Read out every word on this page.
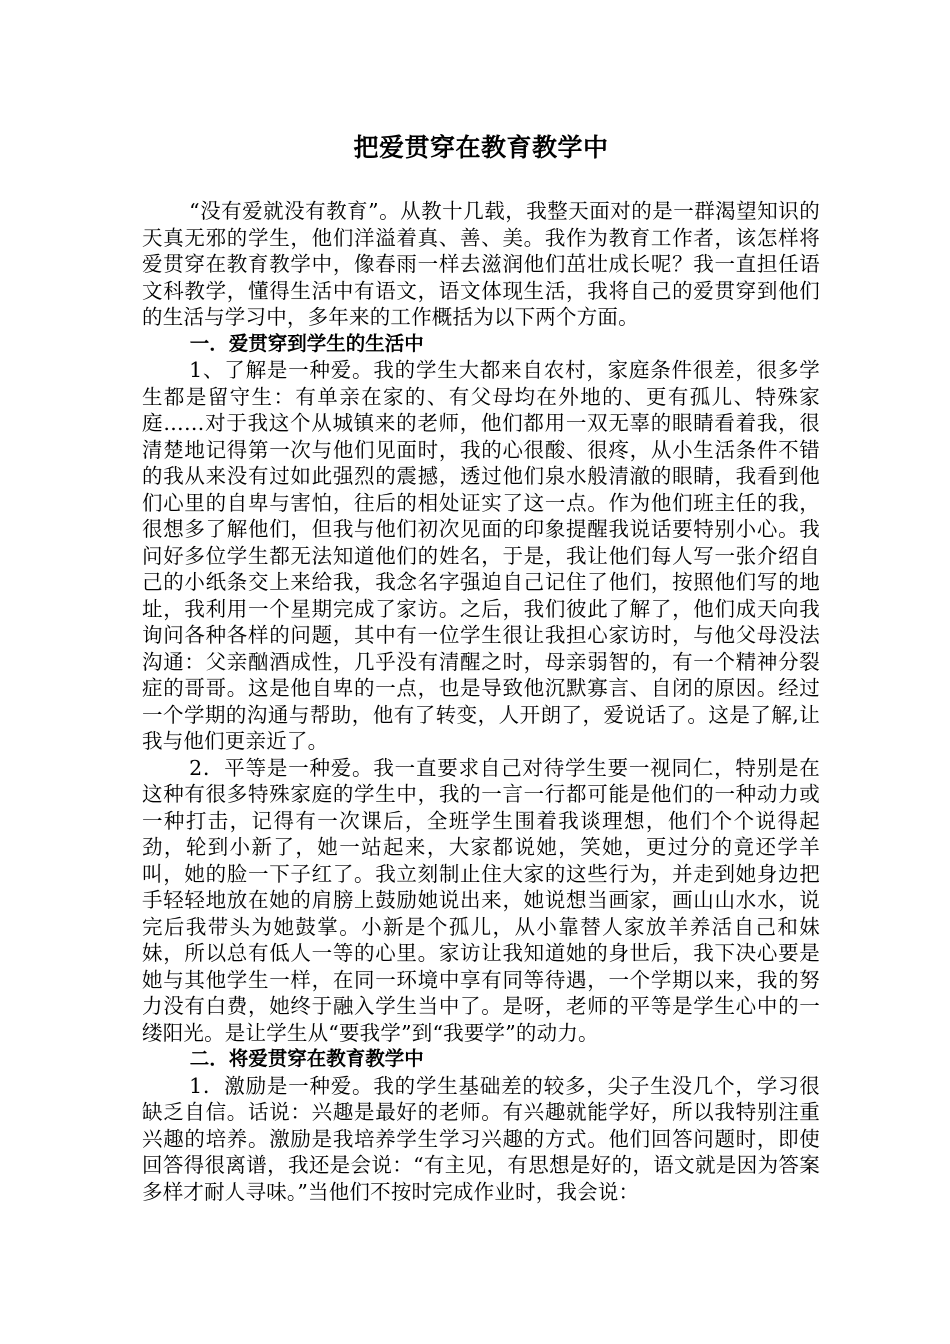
把爱贯穿在教育教学中

“没有爱就没有教育”。从教十几载，我整天面对的是一群渴望知识的天真无邪的学生，他们洋溢着真、善、美。我作为教育工作者，该怎样将爱贯穿在教育教学中，像春雨一样去滋润他们茁壮成长呢？我一直担任语文科教学，懂得生活中有语文，语文体现生活，我将自己的爱贯穿到他们的生活与学习中，多年来的工作概括为以下两个方面。

一．爱贯穿到学生的生活中

1、了解是一种爱。我的学生大都来自农村，家庭条件很差，很多学生都是留守生：有单亲在家的、有父母均在外地的、更有孤儿、特殊家庭……对于我这个从城镇来的老师，他们都用一双无辜的眼睛看着我，很清楚地记得第一次与他们见面时，我的心很酸、很疼，从小生活条件不错的我从来没有过如此强烈的震撼，透过他们泉水般清澈的眼睛，我看到他们心里的自卑与害怕，往后的相处证实了这一点。作为他们班主任的我，很想多了解他们，但我与他们初次见面的印象提醒我说话要特别小心。我问好多位学生都无法知道他们的姓名，于是，我让他们每人写一张介绍自己的小纸条交上来给我，我念名字强迫自己记住了他们，按照他们写的地址，我利用一个星期完成了家访。之后，我们彼此了解了，他们成天向我询问各种各样的问题，其中有一位学生很让我担心家访时，与他父母没法沟通：父亲酗酒成性，几乎没有清醒之时，母亲弱智的，有一个精神分裂症的哥哥。这是他自卑的一点，也是导致他沉默寡言、自闭的原因。经过一个学期的沟通与帮助，他有了转变，人开朗了，爱说话了。这是了解,让我与他们更亲近了。

2．平等是一种爱。我一直要求自己对待学生要一视同仁，特别是在这种有很多特殊家庭的学生中，我的一言一行都可能是他们的一种动力或一种打击，记得有一次课后，全班学生围着我谈理想，他们个个说得起劲，轮到小新了，她一站起来，大家都说她，笑她，更过分的竟还学羊叫，她的脸一下子红了。我立刻制止住大家的这些行为，并走到她身边把手轻轻地放在她的肩膀上鼓励她说出来，她说想当画家，画山山水水，说完后我带头为她鼓掌。小新是个孤儿，从小靠替人家放羊养活自己和妹妹，所以总有低人一等的心里。家访让我知道她的身世后，我下决心要是她与其他学生一样，在同一环境中享有同等待遇，一个学期以来，我的努力没有白费，她终于融入学生当中了。是呀，老师的平等是学生心中的一缕阳光。是让学生从“要我学”到“我要学”的动力。

二．将爱贯穿在教育教学中

1．激励是一种爱。我的学生基础差的较多，尖子生没几个，学习很缺乏自信。话说：兴趣是最好的老师。有兴趣就能学好，所以我特别注重兴趣的培养。激励是我培养学生学习兴趣的方式。他们回答问题时，即使回答得很离谱，我还是会说：“有主见，有思想是好的，语文就是因为答案多样才耐人寻味。”当他们不按时完成作业时，我会说：
